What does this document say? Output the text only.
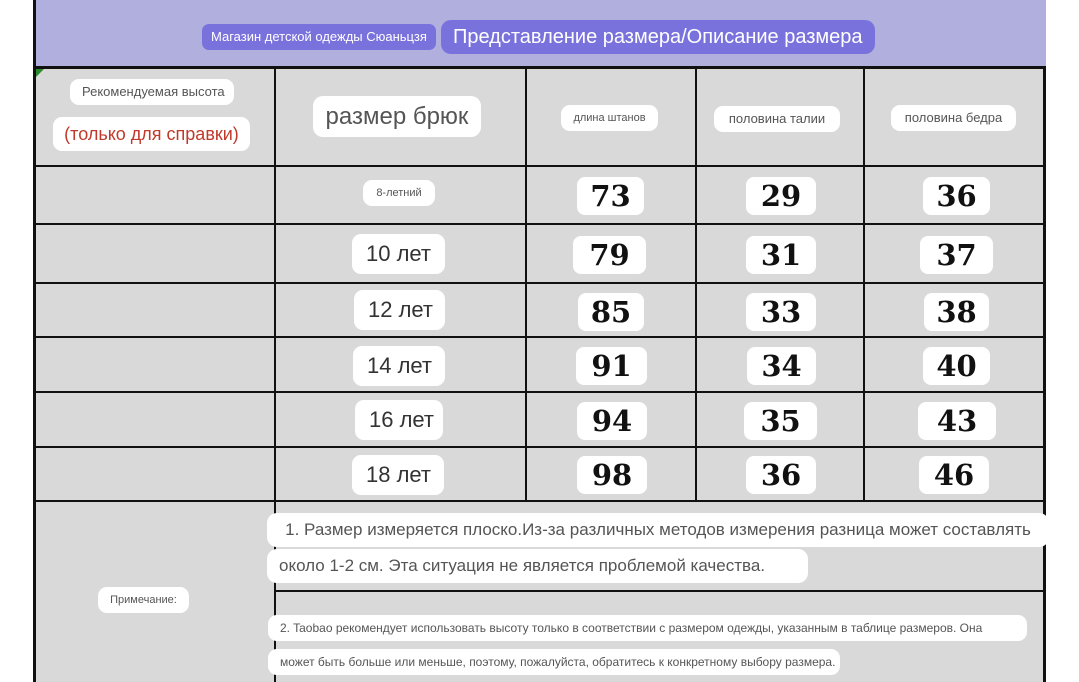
Магазин детской одежды Сюаньцзя	Представление размера/Описание размера
Рекомендуемая высота
(только для справки)
размер брюк	длина штанов	половина талии	половина бедра
8-летний	73	29	36
10 лет	79	31	37
12 лет	85	33	38
14 лет	91	34	40
16 лет	94	35	43
18 лет	98	36	46
Примечание:
1. Размер измеряется плоско.Из-за различных методов измерения разница может составлять
около 1-2 см. Эта ситуация не является проблемой качества.
2. Taobao рекомендует использовать высоту только в соответствии с размером одежды, указанным в таблице размеров. Она
может быть больше или меньше, поэтому, пожалуйста, обратитесь к конкретному выбору размера.
